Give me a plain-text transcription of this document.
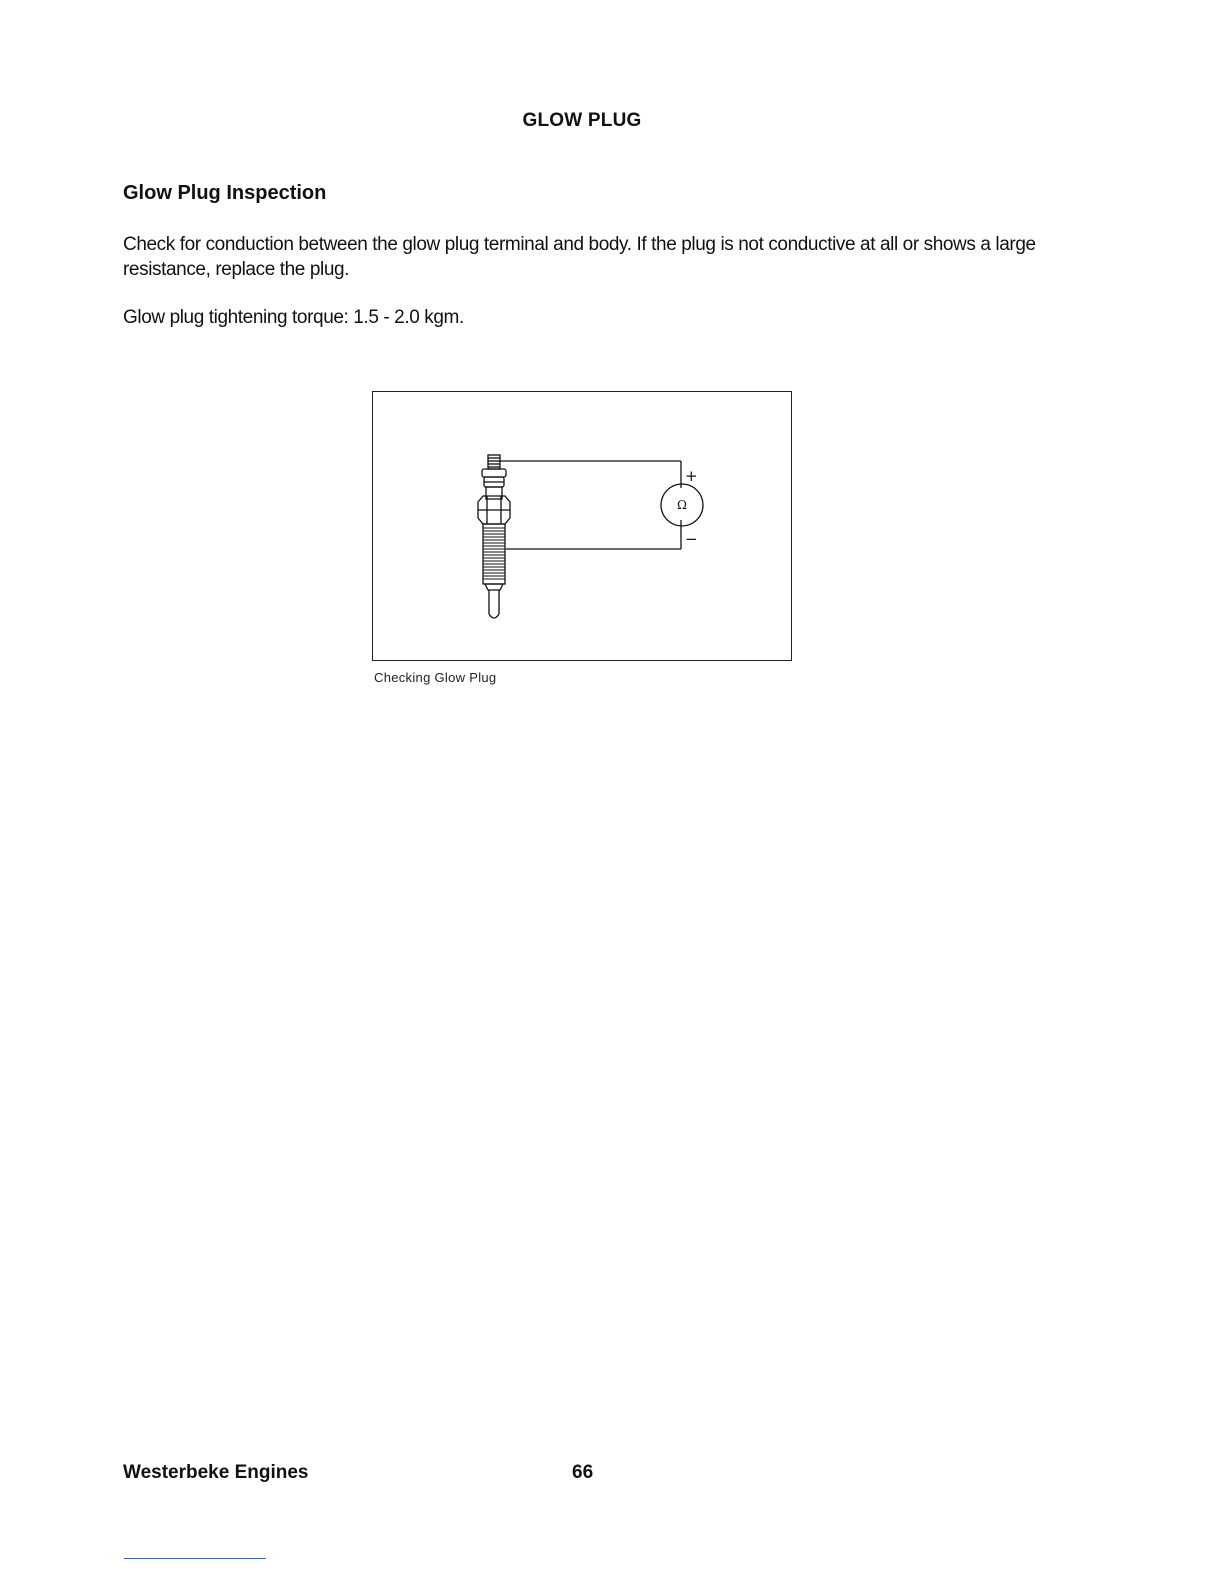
GLOW PLUG
Glow Plug Inspection
Check for conduction between the glow plug terminal and body. If the plug is not conductive at all or shows a large resistance, replace the plug.
Glow plug tightening torque: 1.5 - 2.0 kgm.
+
Ω
−
Checking Glow Plug
Westerbeke Engines	66
